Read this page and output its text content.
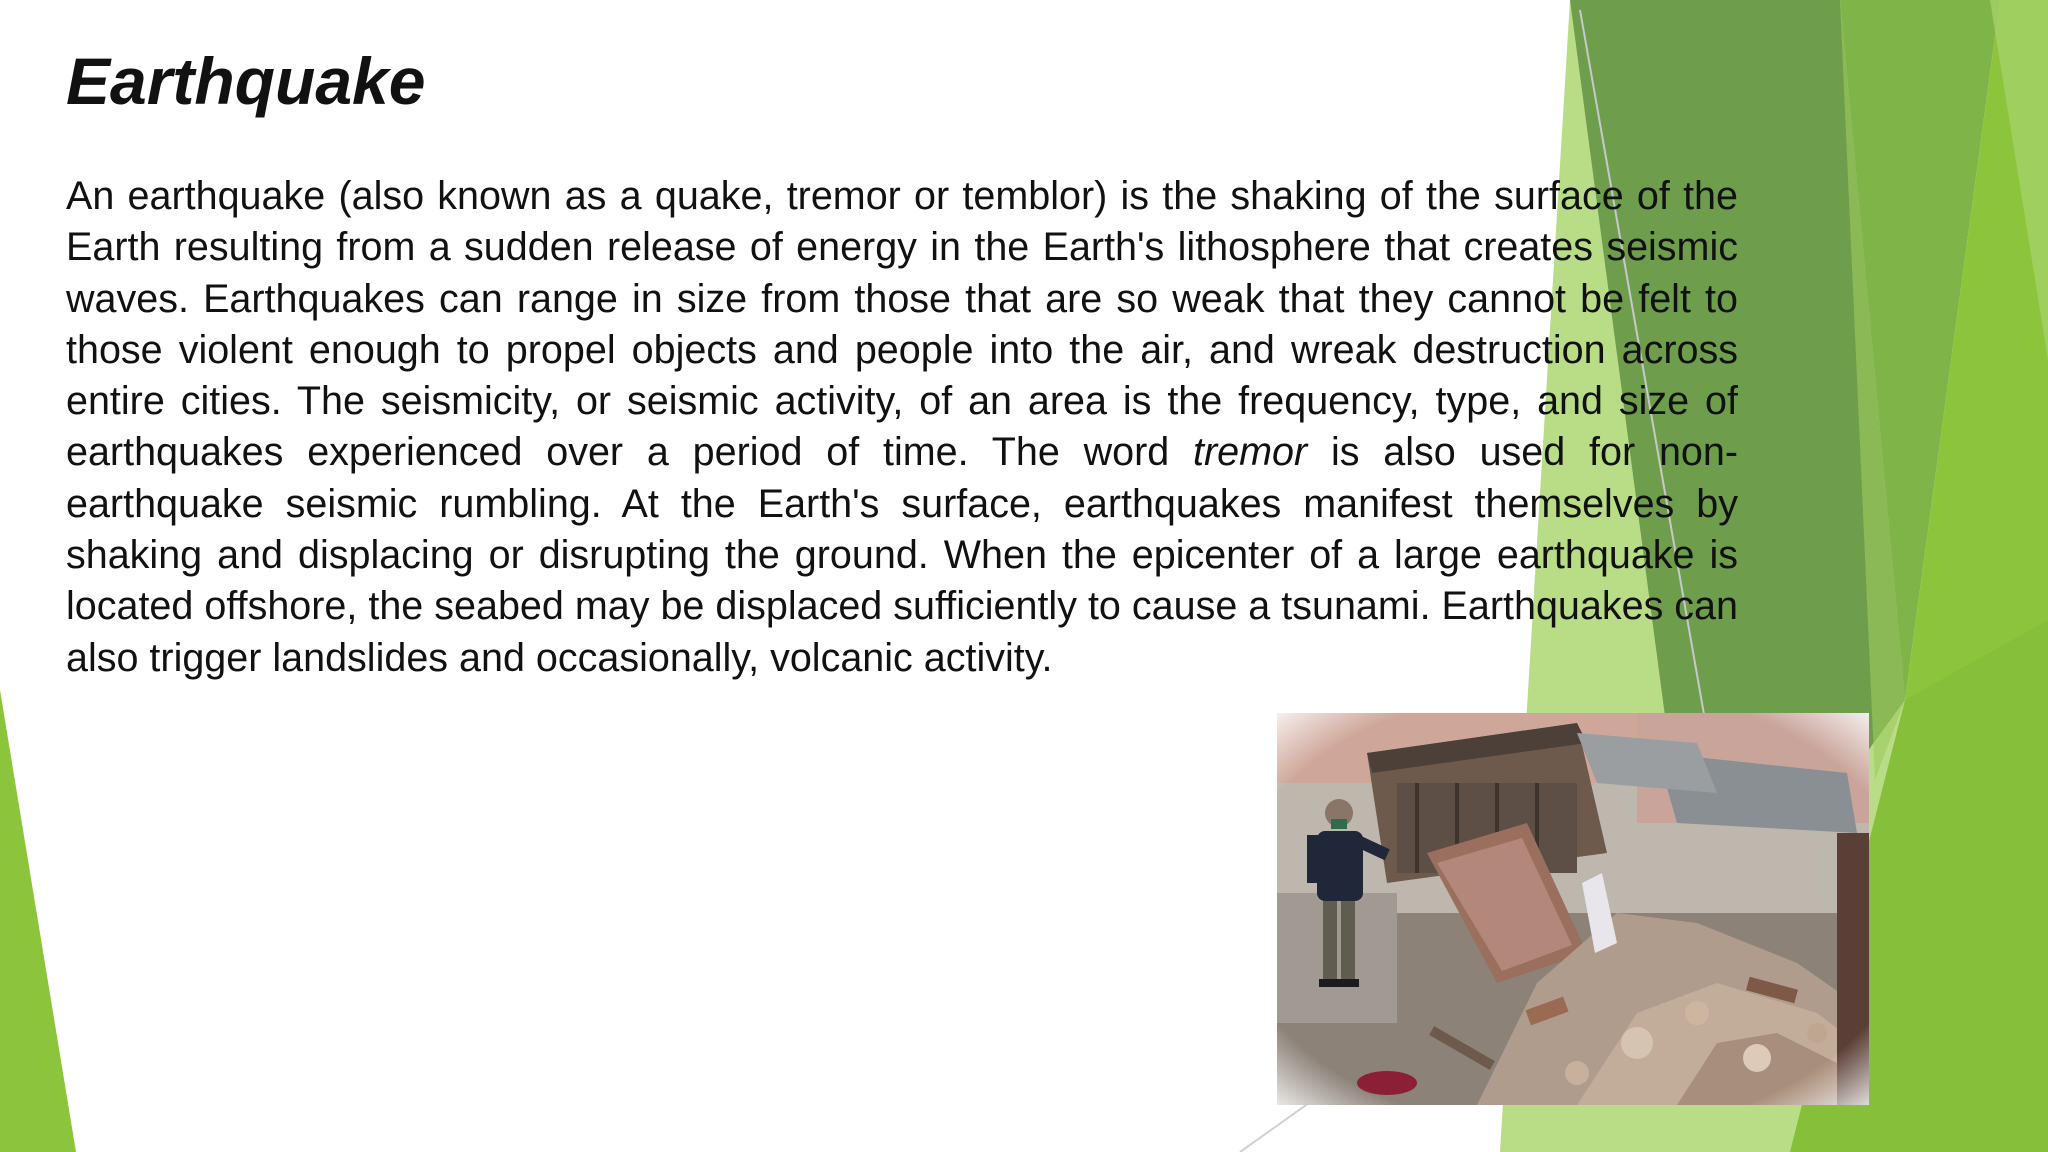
Earthquake

An earthquake (also known as a quake, tremor or temblor) is the shaking of the surface of the Earth resulting from a sudden release of energy in the Earth's lithosphere that creates seismic waves. Earthquakes can range in size from those that are so weak that they cannot be felt to those violent enough to propel objects and people into the air, and wreak destruction across entire cities. The seismicity, or seismic activity, of an area is the frequency, type, and size of earthquakes experienced over a period of time. The word tremor is also used for non-earthquake seismic rumbling. At the Earth's surface, earthquakes manifest themselves by shaking and displacing or disrupting the ground. When the epicenter of a large earthquake is located offshore, the seabed may be displaced sufficiently to cause a tsunami. Earthquakes can also trigger landslides and occasionally, volcanic activity.
